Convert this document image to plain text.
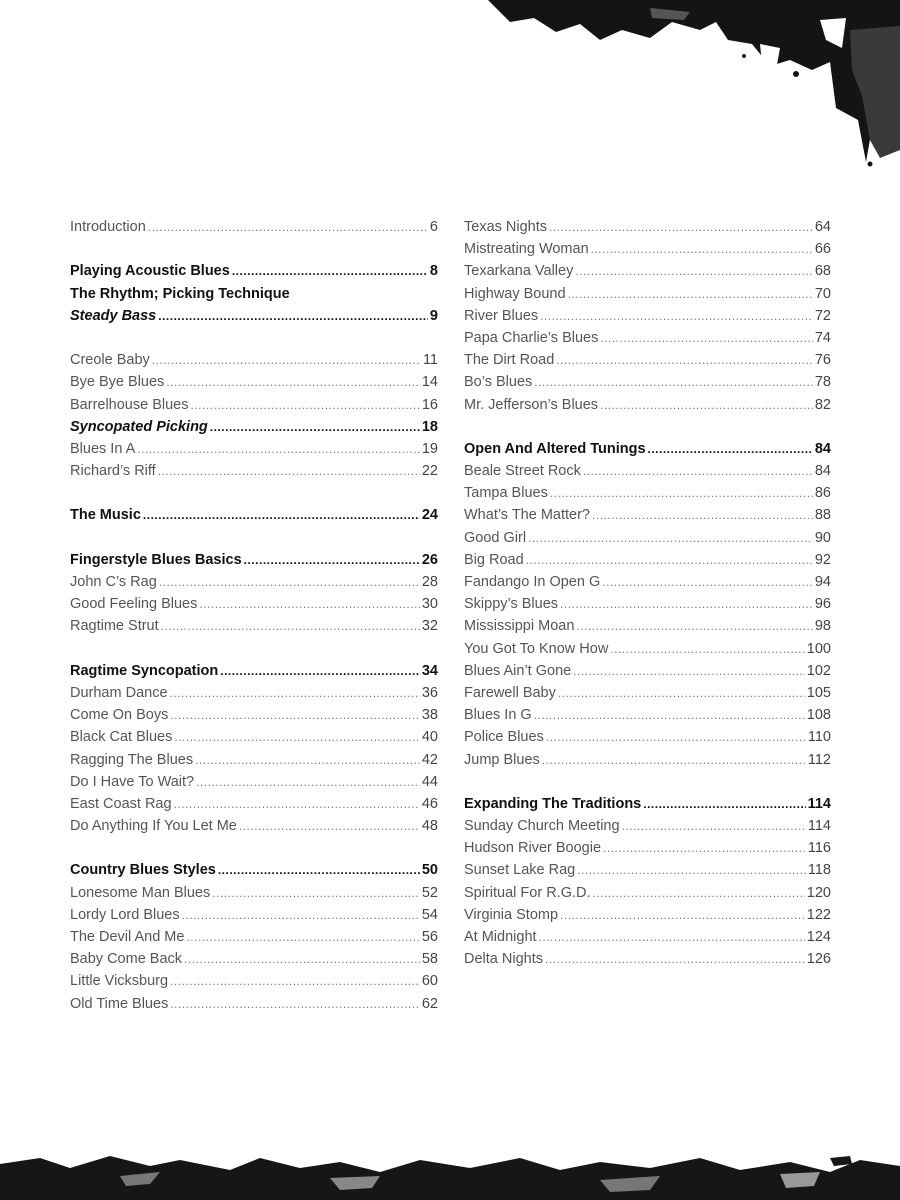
Introduction .....	6
Playing Acoustic Blues .....	8
The Rhythm; Picking Technique
Steady Bass .....	9
Creole Baby .....	11
Bye Bye Blues .....	14
Barrelhouse Blues .....	16
Syncopated Picking .....	18
Blues In A .....	19
Richard’s Riff .....	22
The Music .....	24
Fingerstyle Blues Basics .....	26
John C’s Rag .....	28
Good Feeling Blues .....	30
Ragtime Strut .....	32
Ragtime Syncopation .....	34
Durham Dance .....	36
Come On Boys .....	38
Black Cat Blues .....	40
Ragging The Blues .....	42
Do I Have To Wait? .....	44
East Coast Rag .....	46
Do Anything If You Let Me .....	48
Country Blues Styles .....	50
Lonesome Man Blues .....	52
Lordy Lord Blues .....	54
The Devil And Me .....	56
Baby Come Back .....	58
Little Vicksburg .....	60
Old Time Blues .....	62
Texas Nights .....	64
Mistreating Woman .....	66
Texarkana Valley .....	68
Highway Bound .....	70
River Blues .....	72
Papa Charlie’s Blues .....	74
The Dirt Road .....	76
Bo’s Blues .....	78
Mr. Jefferson’s Blues .....	82
Open And Altered Tunings .....	84
Beale Street Rock .....	84
Tampa Blues .....	86
What’s The Matter? .....	88
Good Girl .....	90
Big Road .....	92
Fandango In Open G .....	94
Skippy’s Blues .....	96
Mississippi Moan .....	98
You Got To Know How .....	100
Blues Ain’t Gone .....	102
Farewell Baby .....	105
Blues In G .....	108
Police Blues .....	110
Jump Blues .....	112
Expanding The Traditions .....	114
Sunday Church Meeting .....	114
Hudson River Boogie .....	116
Sunset Lake Rag .....	118
Spiritual For R.G.D. .....	120
Virginia Stomp .....	122
At Midnight .....	124
Delta Nights .....	126
